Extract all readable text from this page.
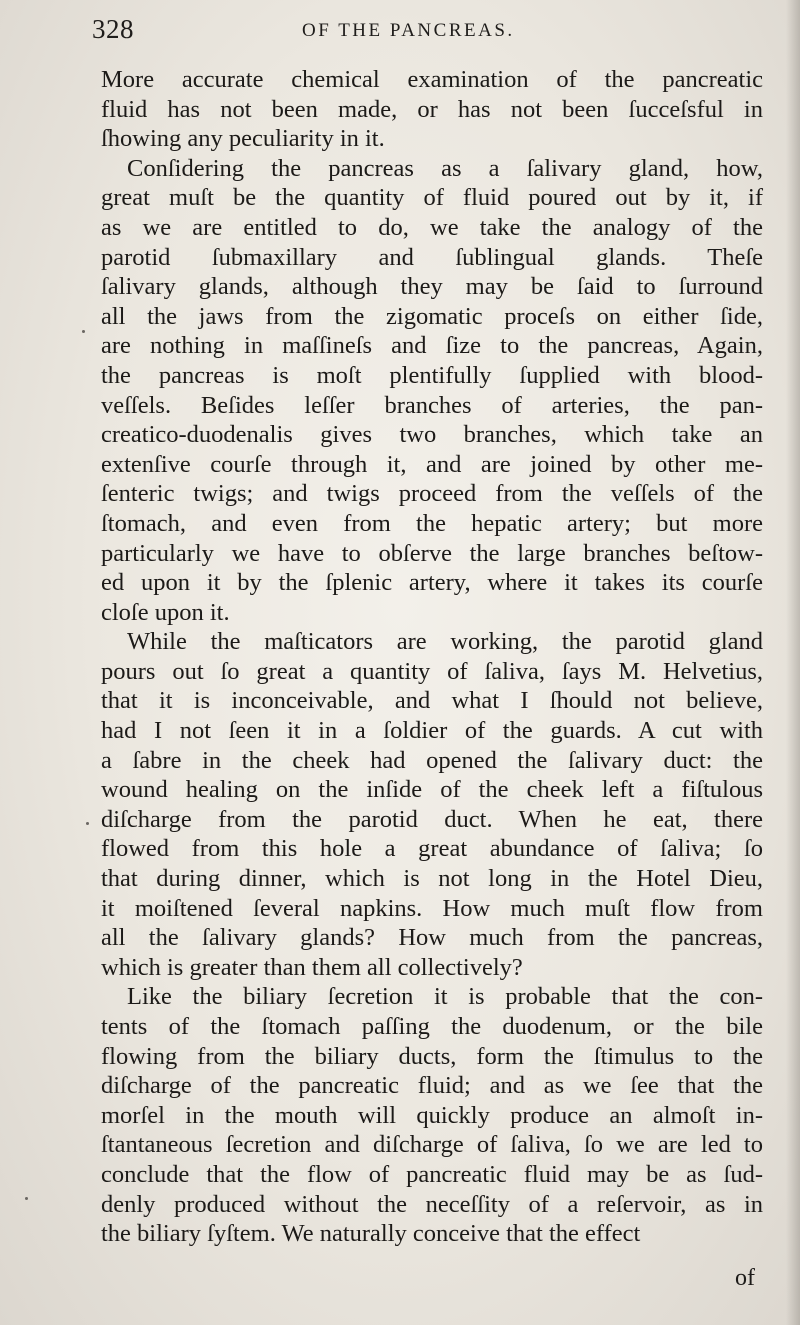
328	OF THE PANCREAS.
More accurate chemical examination of the pancreatic
fluid has not been made, or has not been ſucceſsful in
ſhowing any peculiarity in it.
Conſidering the pancreas as a ſalivary gland, how,
great muſt be the quantity of fluid poured out by it, if
as we are entitled to do, we take the analogy of the
parotid ſubmaxillary and ſublingual glands. Theſe
ſalivary glands, although they may be ſaid to ſurround
all the jaws from the zigomatic proceſs on either ſide,
are nothing in maſſineſs and ſize to the pancreas, Again,
the pancreas is moſt plentifully ſupplied with blood-
veſſels. Beſides leſſer branches of arteries, the pan-
creatico-duodenalis gives two branches, which take an
extenſive courſe through it, and are joined by other me-
ſenteric twigs; and twigs proceed from the veſſels of the
ſtomach, and even from the hepatic artery; but more
particularly we have to obſerve the large branches beſtow-
ed upon it by the ſplenic artery, where it takes its courſe
cloſe upon it.
While the maſticators are working, the parotid gland
pours out ſo great a quantity of ſaliva, ſays M. Helvetius,
that it is inconceivable, and what I ſhould not believe,
had I not ſeen it in a ſoldier of the guards. A cut with
a ſabre in the cheek had opened the ſalivary duct: the
wound healing on the inſide of the cheek left a fiſtulous
diſcharge from the parotid duct. When he eat, there
flowed from this hole a great abundance of ſaliva; ſo
that during dinner, which is not long in the Hotel Dieu,
it moiſtened ſeveral napkins. How much muſt flow from
all the ſalivary glands? How much from the pancreas,
which is greater than them all collectively?
Like the biliary ſecretion it is probable that the con-
tents of the ſtomach paſſing the duodenum, or the bile
flowing from the biliary ducts, form the ſtimulus to the
diſcharge of the pancreatic fluid; and as we ſee that the
morſel in the mouth will quickly produce an almoſt in-
ſtantaneous ſecretion and diſcharge of ſaliva, ſo we are led to
conclude that the flow of pancreatic fluid may be as ſud-
denly produced without the neceſſity of a reſervoir, as in
the biliary ſyſtem. We naturally conceive that the effect
of
